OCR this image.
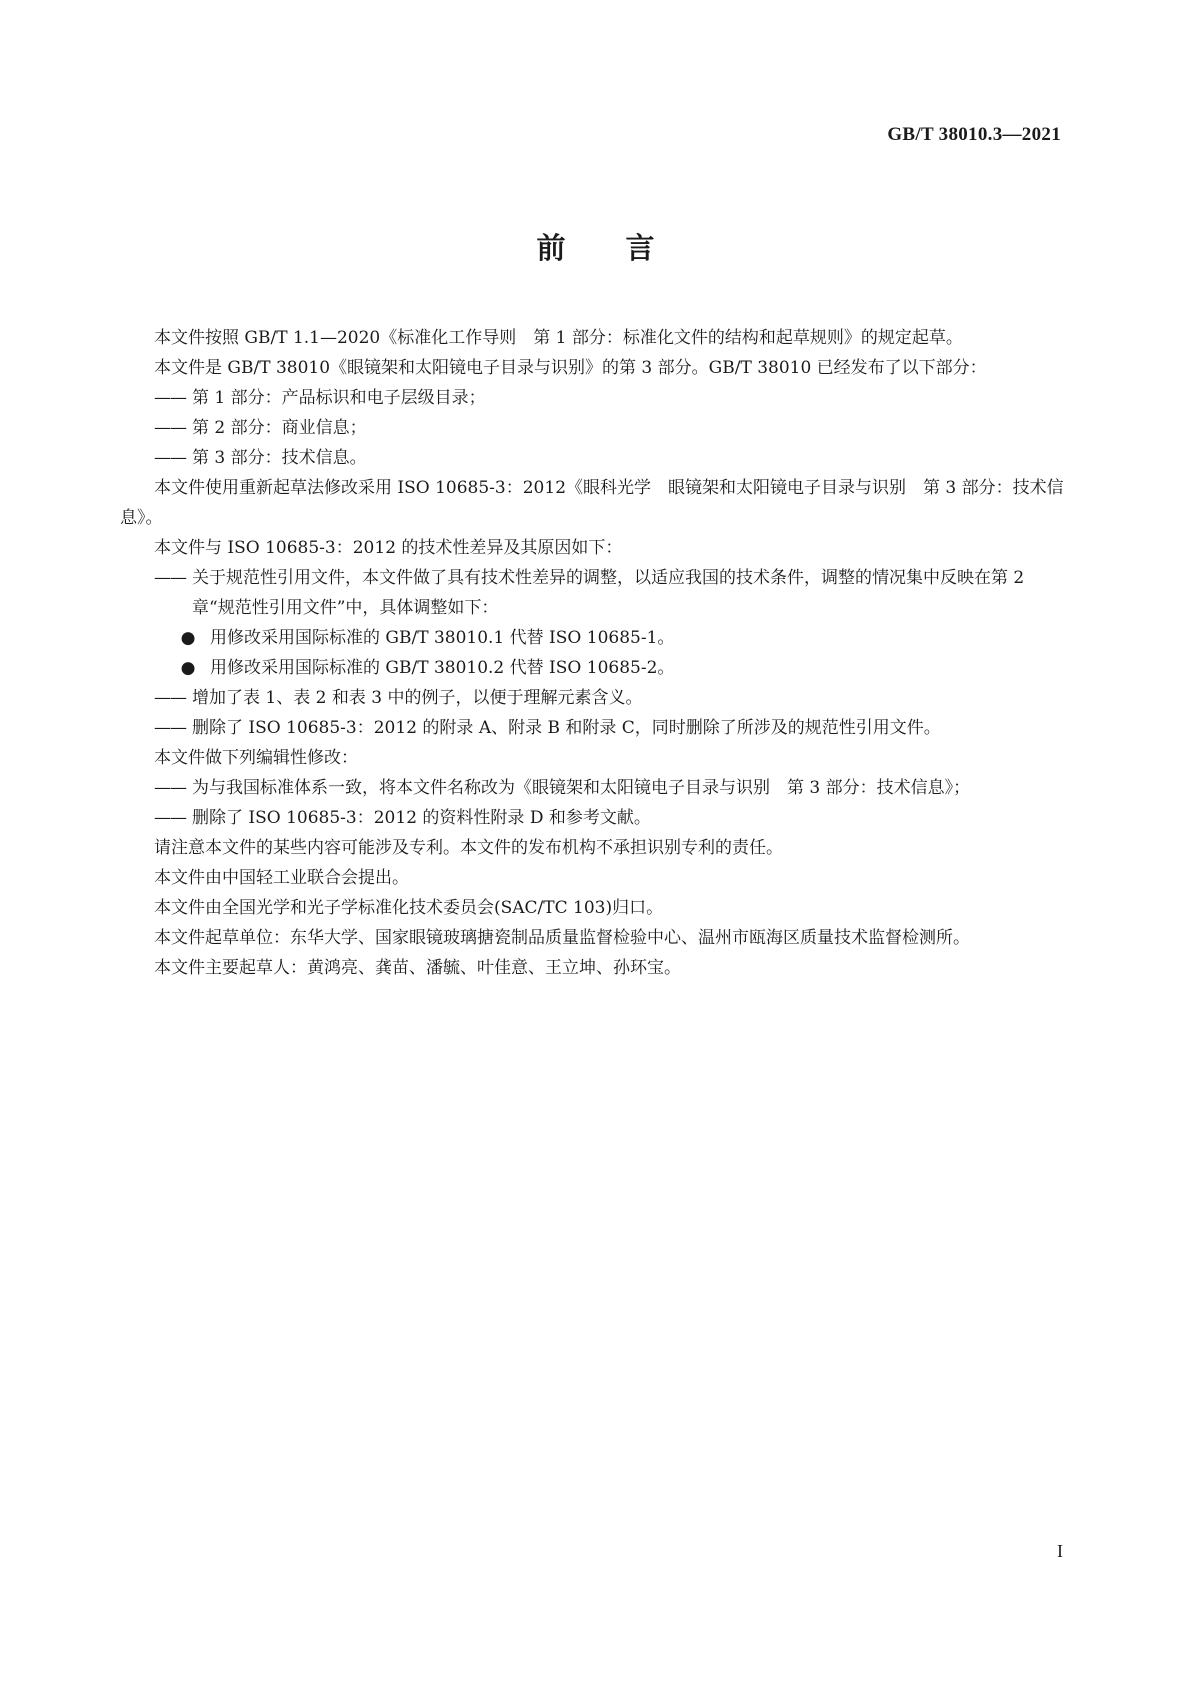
GB/T 38010.3—2021
前言

本文件按照 GB/T 1.1—2020《标准化工作导则　第 1 部分：标准化文件的结构和起草规则》的规定起草。

本文件是 GB/T 38010《眼镜架和太阳镜电子目录与识别》的第 3 部分。GB/T 38010 已经发布了以下部分：

—— 第 1 部分：产品标识和电子层级目录；

—— 第 2 部分：商业信息；

—— 第 3 部分：技术信息。

本文件使用重新起草法修改采用 ISO 10685-3：2012《眼科光学　眼镜架和太阳镜电子目录与识别　第 3 部分：技术信息》。

本文件与 ISO 10685-3：2012 的技术性差异及其原因如下：

—— 关于规范性引用文件，本文件做了具有技术性差异的调整，以适应我国的技术条件，调整的情况集中反映在第 2 章“规范性引用文件”中，具体调整如下：

● 用修改采用国际标准的 GB/T 38010.1 代替 ISO 10685-1。

● 用修改采用国际标准的 GB/T 38010.2 代替 ISO 10685-2。

—— 增加了表 1、表 2 和表 3 中的例子，以便于理解元素含义。

—— 删除了 ISO 10685-3：2012 的附录 A、附录 B 和附录 C，同时删除了所涉及的规范性引用文件。

本文件做下列编辑性修改：

—— 为与我国标准体系一致，将本文件名称改为《眼镜架和太阳镜电子目录与识别　第 3 部分：技术信息》；

—— 删除了 ISO 10685-3：2012 的资料性附录 D 和参考文献。

请注意本文件的某些内容可能涉及专利。本文件的发布机构不承担识别专利的责任。

本文件由中国轻工业联合会提出。

本文件由全国光学和光子学标准化技术委员会(SAC/TC 103)归口。

本文件起草单位：东华大学、国家眼镜玻璃搪瓷制品质量监督检验中心、温州市瓯海区质量技术监督检测所。

本文件主要起草人：黄鸿亮、龚苗、潘毓、叶佳意、王立坤、孙环宝。

I
